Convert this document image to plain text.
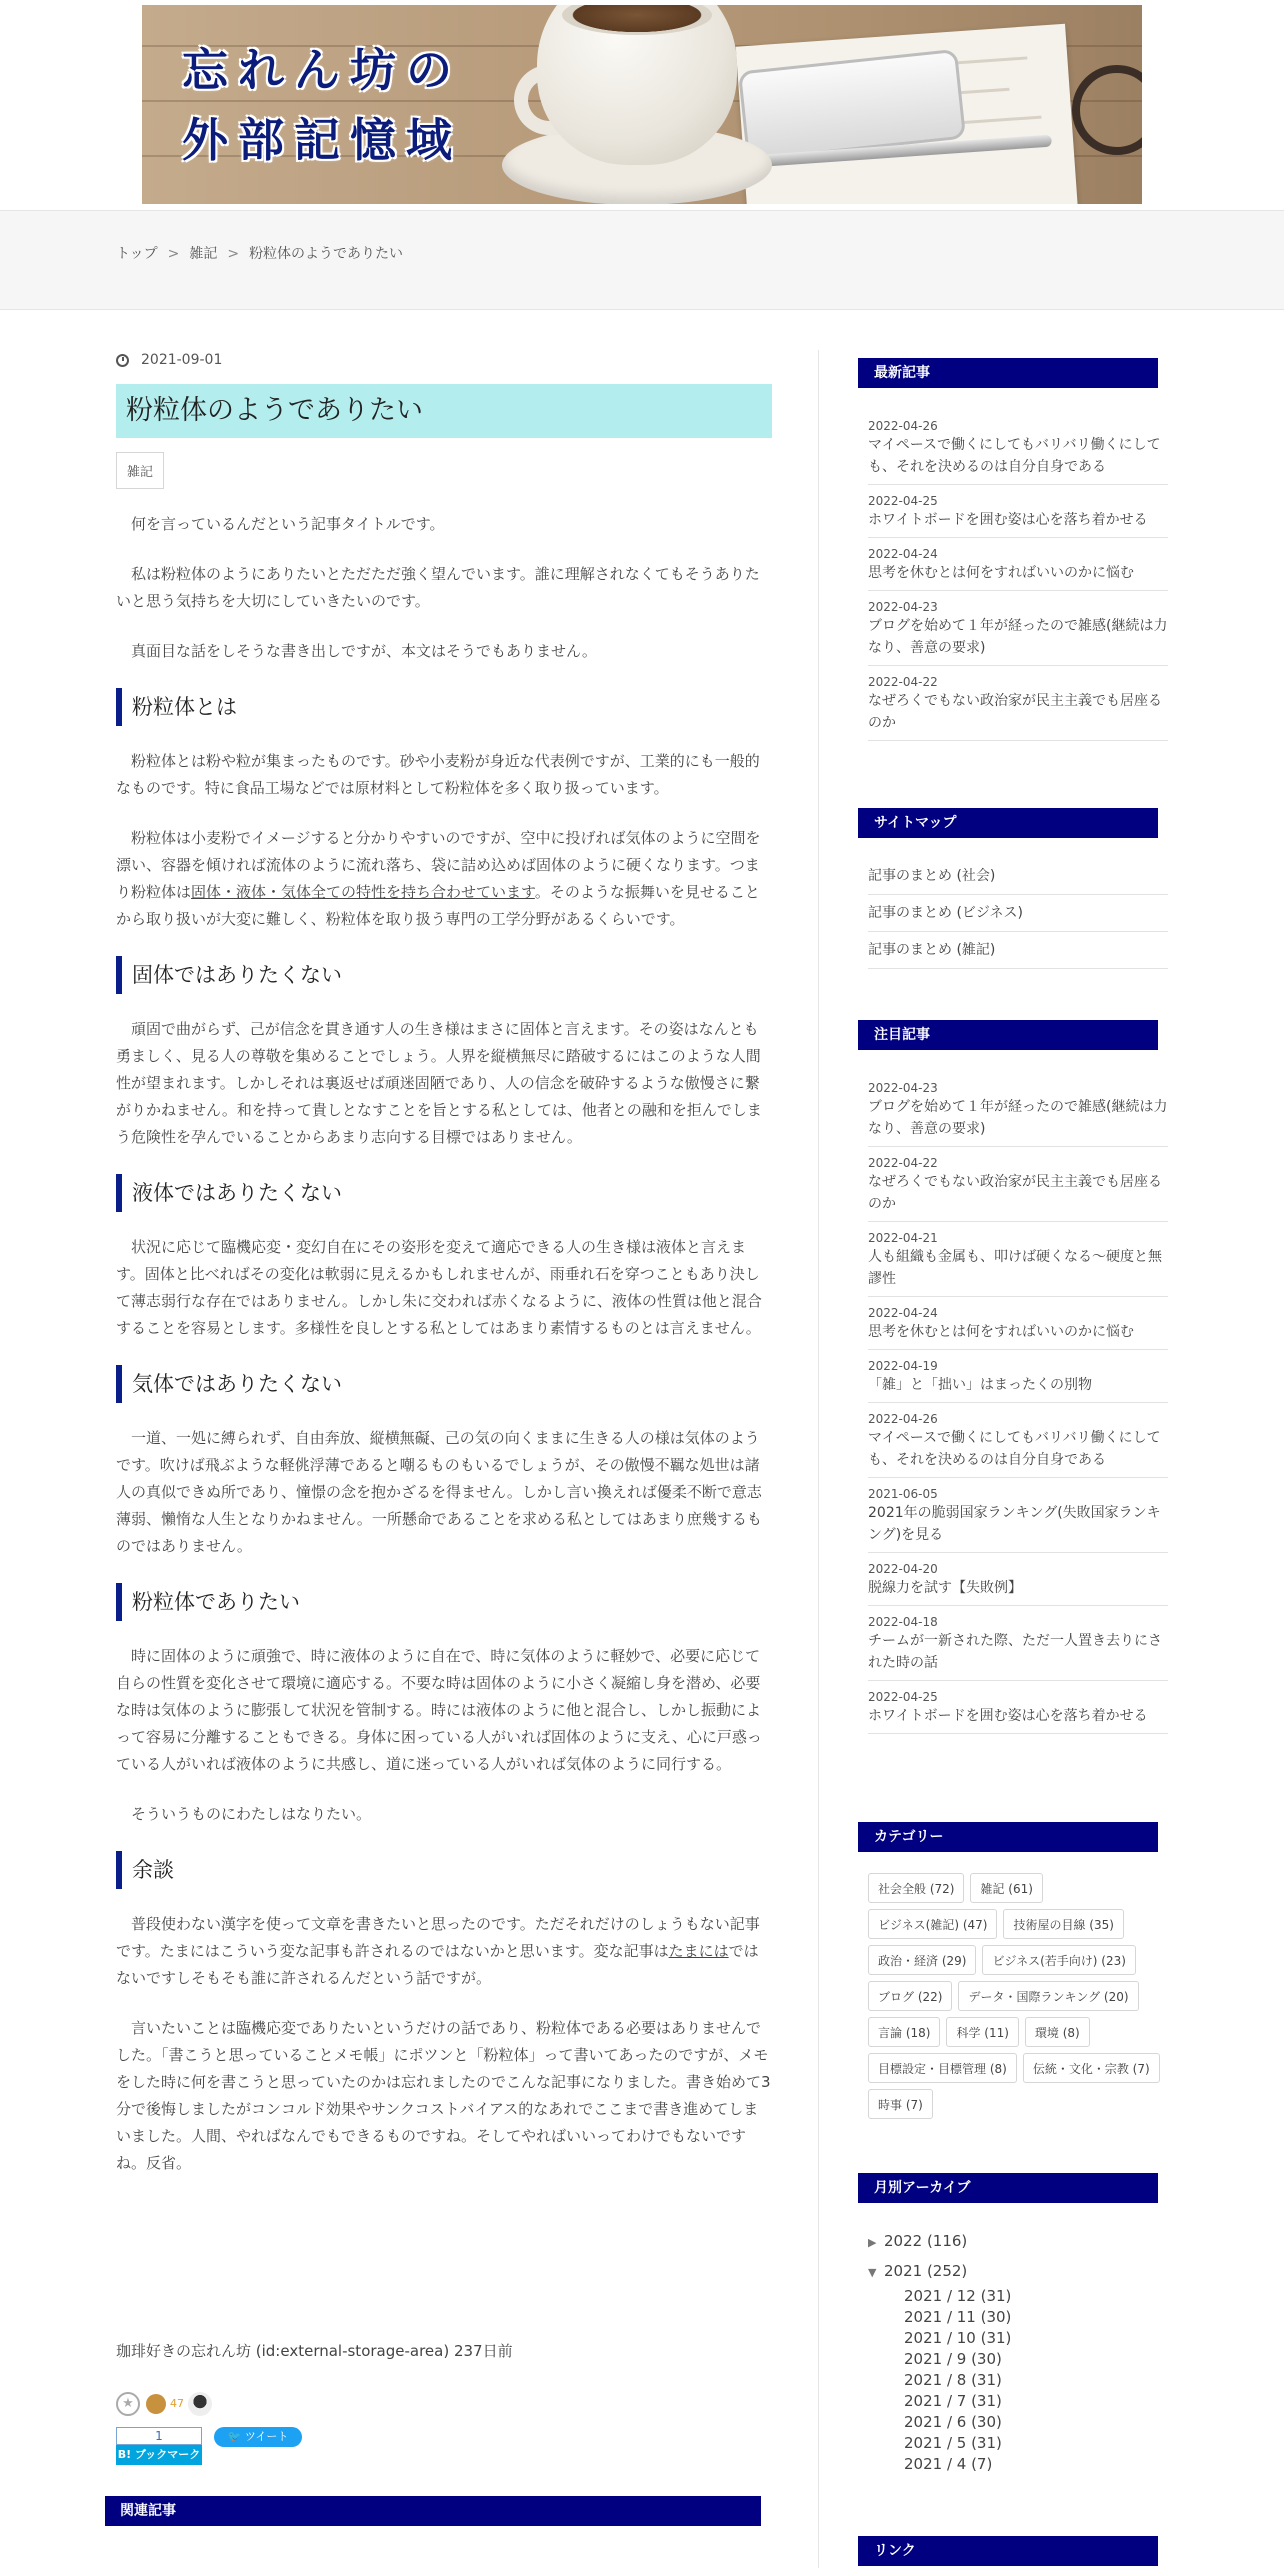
忘れん坊の
外部記憶域
トップ > 雑記 > 粉粒体のようでありたい
2021-09-01
粉粒体のようでありたい
雑記

何を言っているんだという記事タイトルです。

私は粉粒体のようにありたいとただただ強く望んでいます。誰に理解されなくてもそうありたいと思う気持ちを大切にしていきたいのです。

真面目な話をしそうな書き出しですが、本文はそうでもありません。

粉粒体とは

粉粒体とは粉や粒が集まったものです。砂や小麦粉が身近な代表例ですが、工業的にも一般的なものです。特に食品工場などでは原材料として粉粒体を多く取り扱っています。

粉粒体は小麦粉でイメージすると分かりやすいのですが、空中に投げれば気体のように空間を漂い、容器を傾ければ流体のように流れ落ち、袋に詰め込めば固体のように硬くなります。つまり粉粒体は固体・液体・気体全ての特性を持ち合わせています。そのような振舞いを見せることから取り扱いが大変に難しく、粉粒体を取り扱う専門の工学分野があるくらいです。

固体ではありたくない

頑固で曲がらず、己が信念を貫き通す人の生き様はまさに固体と言えます。その姿はなんとも勇ましく、見る人の尊敬を集めることでしょう。人界を縦横無尽に踏破するにはこのような人間性が望まれます。しかしそれは裏返せば頑迷固陋であり、人の信念を破砕するような傲慢さに繋がりかねません。和を持って貴しとなすことを旨とする私としては、他者との融和を拒んでしまう危険性を孕んでいることからあまり志向する目標ではありません。

液体ではありたくない

状況に応じて臨機応変・変幻自在にその姿形を変えて適応できる人の生き様は液体と言えます。固体と比べればその変化は軟弱に見えるかもしれませんが、雨垂れ石を穿つこともあり決して薄志弱行な存在ではありません。しかし朱に交われば赤くなるように、液体の性質は他と混合することを容易とします。多様性を良しとする私としてはあまり素情するものとは言えません。

気体ではありたくない

一道、一処に縛られず、自由奔放、縦横無礙、己の気の向くままに生きる人の様は気体のようです。吹けば飛ぶような軽佻浮薄であると嘲るものもいるでしょうが、その傲慢不羈な処世は諸人の真似できぬ所であり、憧憬の念を抱かざるを得ません。しかし言い換えれば優柔不断で意志薄弱、懶惰な人生となりかねません。一所懸命であることを求める私としてはあまり庶幾するものではありません。

粉粒体でありたい

時に固体のように頑強で、時に液体のように自在で、時に気体のように軽妙で、必要に応じて自らの性質を変化させて環境に適応する。不要な時は固体のように小さく凝縮し身を潜め、必要な時は気体のように膨張して状況を管制する。時には液体のように他と混合し、しかし振動によって容易に分離することもできる。身体に困っている人がいれば固体のように支え、心に戸惑っている人がいれば液体のように共感し、道に迷っている人がいれば気体のように同行する。

そういうものにわたしはなりたい。

余談

普段使わない漢字を使って文章を書きたいと思ったのです。ただそれだけのしょうもない記事です。たまにはこういう変な記事も許されるのではないかと思います。変な記事はたまにはではないですしそもそも誰に許されるんだという話ですが。

言いたいことは臨機応変でありたいというだけの話であり、粉粒体である必要はありませんでした。「書こうと思っていることメモ帳」にポツンと「粉粒体」って書いてあったのですが、メモをした時に何を書こうと思っていたのかは忘れましたのでこんな記事になりました。書き始めて3分で後悔しましたがコンコルド効果やサンクコストバイアス的なあれでここまで書き進めてしまいました。人間、やればなんでもできるものですね。そしてやればいいってわけでもないですね。反省。

珈琲好きの忘れん坊 (id:external-storage-area) 237日前
★	47
1
B! ブックマーク
🐦 ツイート
関連記事
最新記事
2022-04-26
マイペースで働くにしてもバリバリ働くにしても、それを決めるのは自分自身である
2022-04-25
ホワイトボードを囲む姿は心を落ち着かせる
2022-04-24
思考を休むとは何をすればいいのかに悩む
2022-04-23
ブログを始めて１年が経ったので雑感(継続は力なり、善意の要求)
2022-04-22
なぜろくでもない政治家が民主主義でも居座るのか
サイトマップ
記事のまとめ (社会)
記事のまとめ (ビジネス)
記事のまとめ (雑記)
注目記事
2022-04-23
ブログを始めて１年が経ったので雑感(継続は力なり、善意の要求)
2022-04-22
なぜろくでもない政治家が民主主義でも居座るのか
2022-04-21
人も組織も金属も、叩けば硬くなる～硬度と無謬性
2022-04-24
思考を休むとは何をすればいいのかに悩む
2022-04-19
「雑」と「拙い」はまったくの別物
2022-04-26
マイペースで働くにしてもバリバリ働くにしても、それを決めるのは自分自身である
2021-06-05
2021年の脆弱国家ランキング(失敗国家ランキング)を見る
2022-04-20
脱線力を試す【失敗例】
2022-04-18
チームが一新された際、ただ一人置き去りにされた時の話
2022-04-25
ホワイトボードを囲む姿は心を落ち着かせる
カテゴリー
社会全般 (72)	雑記 (61)
ビジネス(雑記) (47)	技術屋の目線 (35)
政治・経済 (29)	ビジネス(若手向け) (23)
ブログ (22)	データ・国際ランキング (20)
言論 (18)	科学 (11)	環境 (8)
目標設定・目標管理 (8)	伝統・文化・宗教 (7)
時事 (7)
月別アーカイブ
▶ 2022 (116)
▼ 2021 (252)
2021 / 12 (31)
2021 / 11 (30)
2021 / 10 (31)
2021 / 9 (30)
2021 / 8 (31)
2021 / 7 (31)
2021 / 6 (30)
2021 / 5 (31)
2021 / 4 (7)
リンク
